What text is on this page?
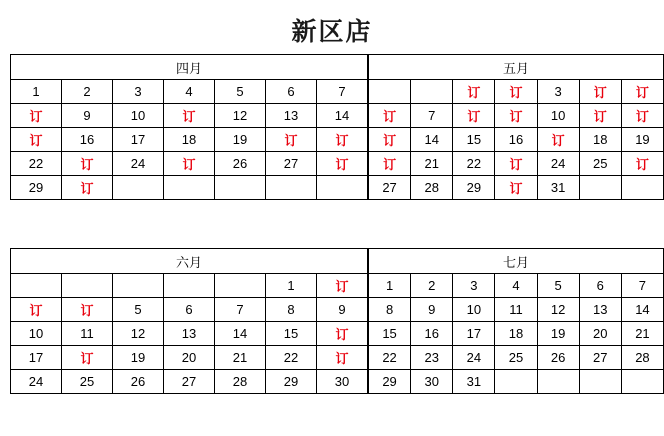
新区店
四月						
1	2	3	4	5	6	7
订	9	10	订	12	13	14
订	16	17	18	19	订	订
22	订	24	订	26	27	订
29	订					
五月						
		订	订	3	订	订
订	7	订	订	10	订	订
订	14	15	16	订	18	19
订	21	22	订	24	25	订
27	28	29	订	31		
六月						
					1	订
订	订	5	6	7	8	9
10	11	12	13	14	15	订
17	订	19	20	21	22	订
24	25	26	27	28	29	30
七月						
1	2	3	4	5	6	7
8	9	10	11	12	13	14
15	16	17	18	19	20	21
22	23	24	25	26	27	28
29	30	31				
